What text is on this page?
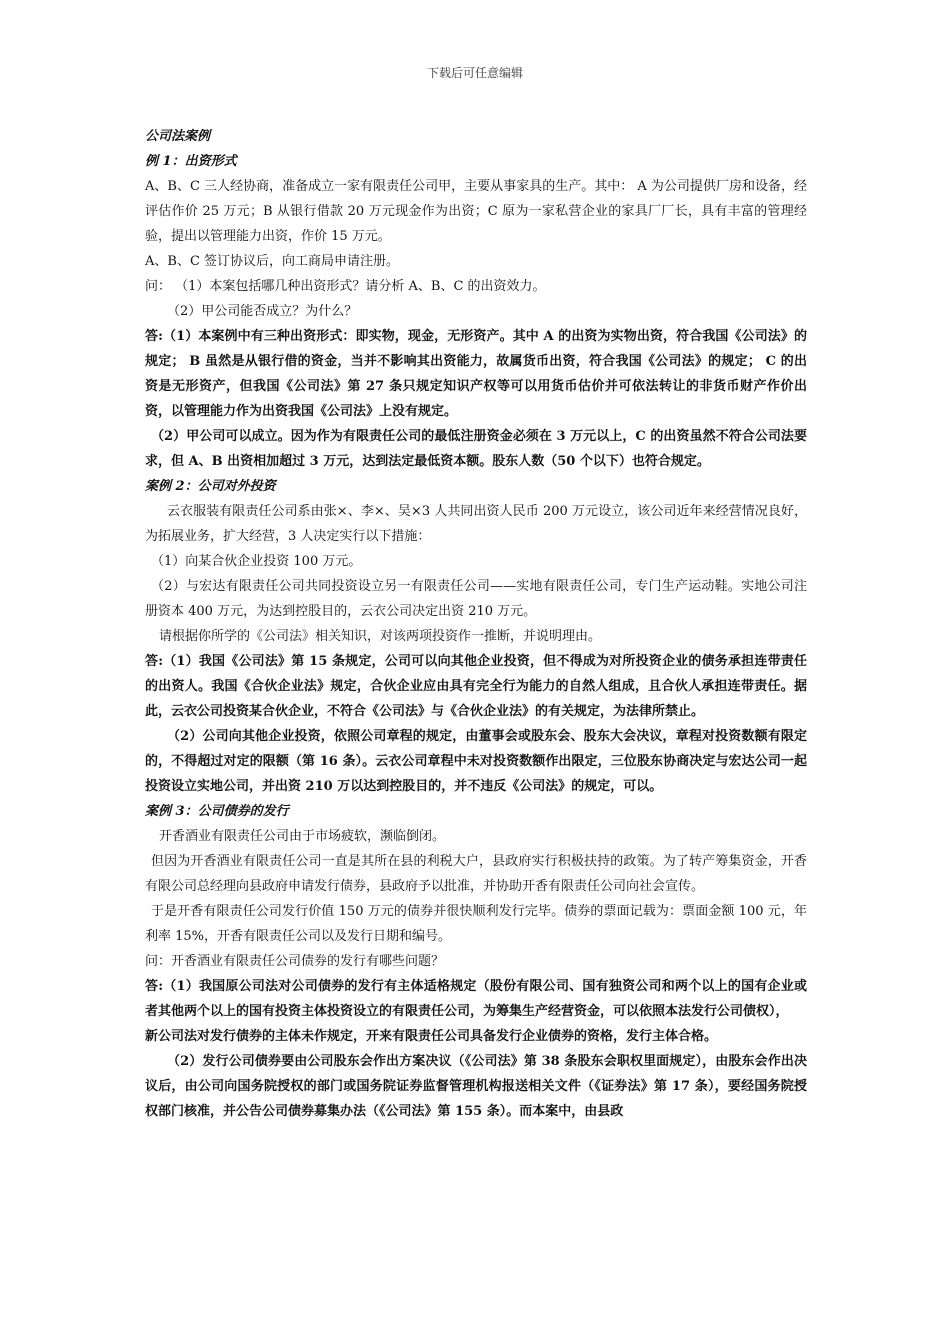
下载后可任意编辑

公司法案例

例 1：出资形式

A、B、C 三人经协商，准备成立一家有限责任公司甲，主要从事家具的生产。其中： A 为公司提供厂房和设备，经评估作价 25 万元；B 从银行借款 20 万元现金作为出资；C 原为一家私营企业的家具厂厂长，具有丰富的管理经验，提出以管理能力出资，作价 15 万元。

A、B、C 签订协议后，向工商局申请注册。

问： （1）本案包括哪几种出资形式？请分析 A、B、C 的出资效力。

（2）甲公司能否成立？为什么？

答:（1）本案例中有三种出资形式：即实物，现金，无形资产。其中 A 的出资为实物出资，符合我国《公司法》的规定； B 虽然是从银行借的资金，当并不影响其出资能力，故属货币出资，符合我国《公司法》的规定； C 的出资是无形资产，但我国《公司法》第 27 条只规定知识产权等可以用货币估价并可依法转让的非货币财产作价出资，以管理能力作为出资我国《公司法》上没有规定。

（2）甲公司可以成立。因为作为有限责任公司的最低注册资金必须在 3 万元以上，C 的出资虽然不符合公司法要求，但 A、B 出资相加超过 3 万元，达到法定最低资本额。股东人数（50 个以下）也符合规定。

案例 2：公司对外投资

云衣服装有限责任公司系由张×、李×、吴×3 人共同出资人民币 200 万元设立，该公司近年来经营情况良好，为拓展业务，扩大经营，3 人决定实行以下措施：

（1）向某合伙企业投资 100 万元。

（2）与宏达有限责任公司共同投资设立另一有限责任公司——实地有限责任公司，专门生产运动鞋。实地公司注册资本 400 万元，为达到控股目的，云衣公司决定出资 210 万元。

请根据你所学的《公司法》相关知识，对该两项投资作一推断，并说明理由。

答:（1）我国《公司法》第 15 条规定，公司可以向其他企业投资，但不得成为对所投资企业的债务承担连带责任的出资人。我国《合伙企业法》规定，合伙企业应由具有完全行为能力的自然人组成，且合伙人承担连带责任。据此，云衣公司投资某合伙企业，不符合《公司法》与《合伙企业法》的有关规定，为法律所禁止。

（2）公司向其他企业投资，依照公司章程的规定，由董事会或股东会、股东大会决议，章程对投资数额有限定的，不得超过对定的限额（第 16 条）。云衣公司章程中未对投资数额作出限定，三位股东协商决定与宏达公司一起投资设立实地公司，并出资 210 万以达到控股目的，并不违反《公司法》的规定，可以。

案例 3：公司债券的发行

开香酒业有限责任公司由于市场疲软，濒临倒闭。

但因为开香酒业有限责任公司一直是其所在县的利税大户，县政府实行积极扶持的政策。为了转产筹集资金，开香有限公司总经理向县政府申请发行债券，县政府予以批准，并协助开香有限责任公司向社会宣传。

于是开香有限责任公司发行价值 150 万元的债券并很快顺利发行完毕。债券的票面记载为：票面金额 100 元，年利率 15%，开香有限责任公司以及发行日期和编号。

问：开香酒业有限责任公司债券的发行有哪些问题？

答:（1）我国原公司法对公司债券的发行有主体适格规定（股份有限公司、国有独资公司和两个以上的国有企业或者其他两个以上的国有投资主体投资设立的有限责任公司，为筹集生产经营资金，可以依照本法发行公司债权），

新公司法对发行债券的主体未作规定，开来有限责任公司具备发行企业债券的资格，发行主体合格。

（2）发行公司债券要由公司股东会作出方案决议（《公司法》第 38 条股东会职权里面规定），由股东会作出决议后，由公司向国务院授权的部门或国务院证券监督管理机构报送相关文件（《证券法》第 17 条），要经国务院授权部门核准，并公告公司债券募集办法（《公司法》第 155 条）。而本案中，由县政
